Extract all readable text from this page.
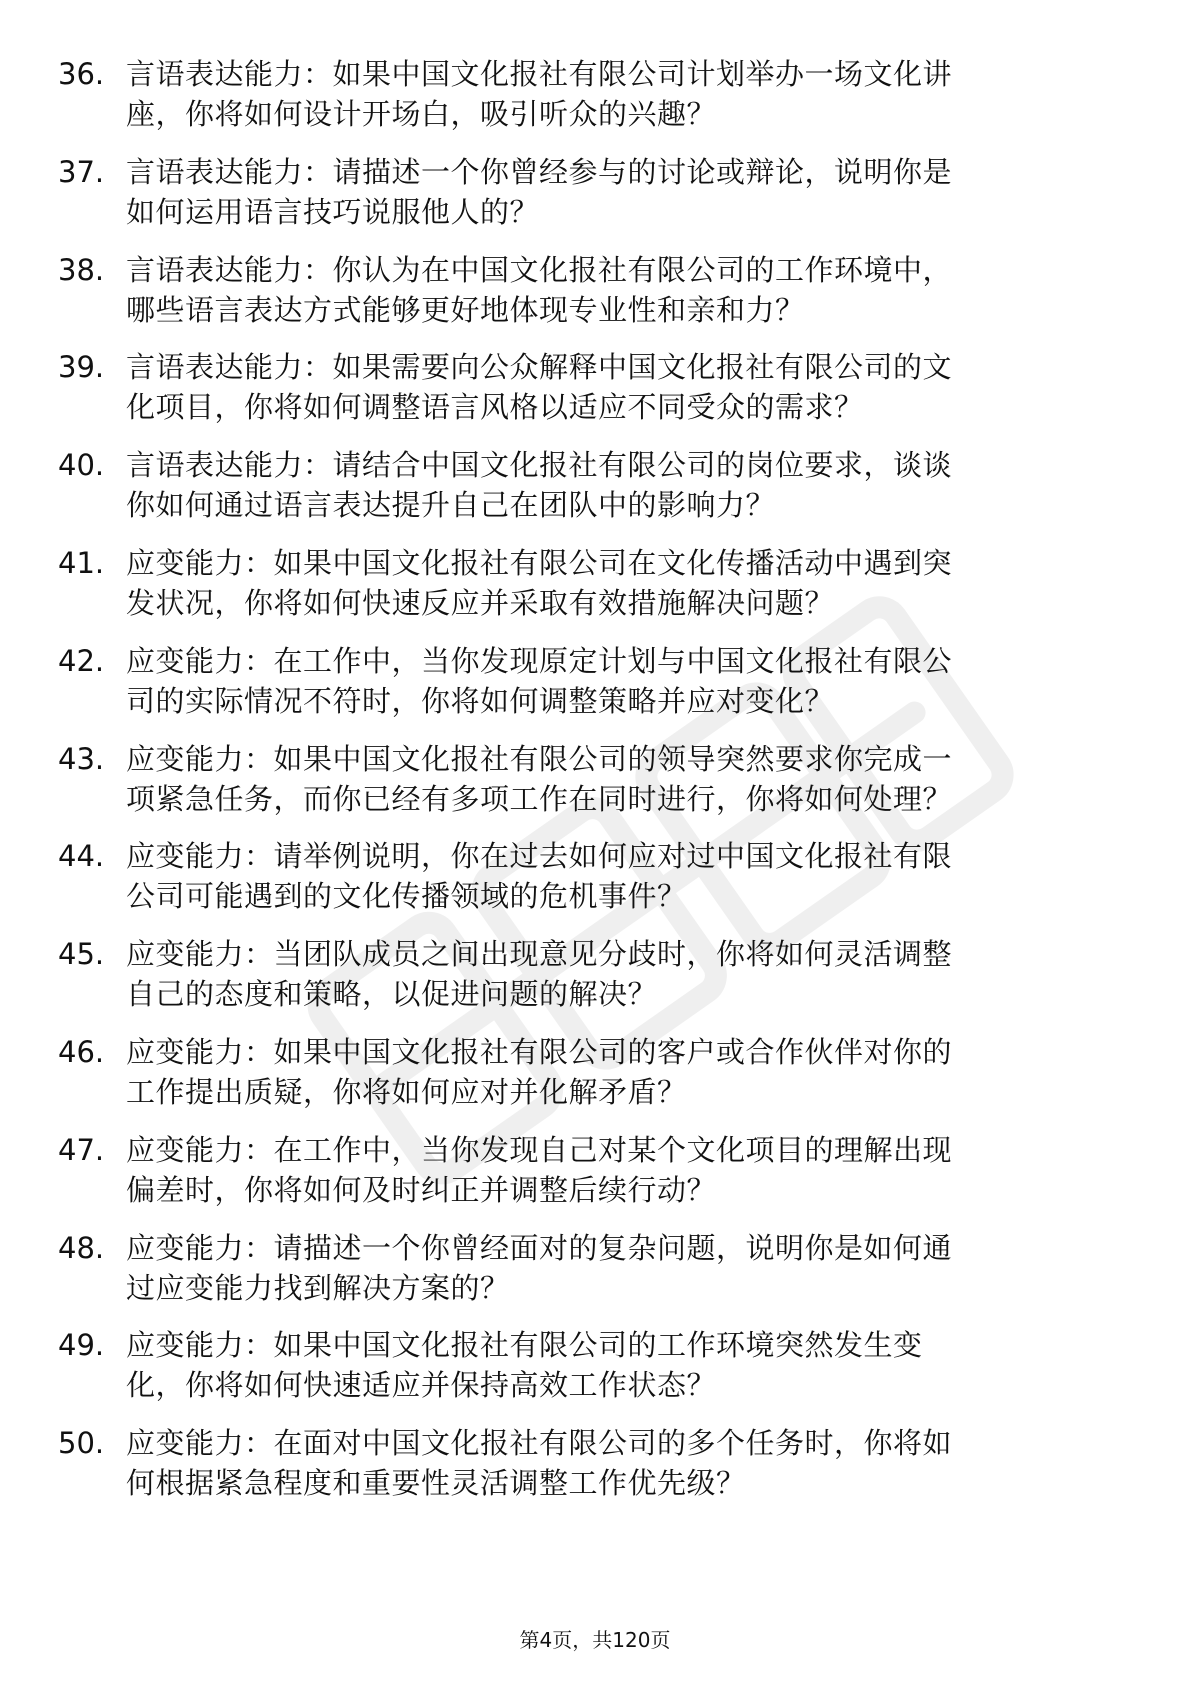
36. 言语表达能力：如果中国文化报社有限公司计划举办一场文化讲
座，你将如何设计开场白，吸引听众的兴趣？
37. 言语表达能力：请描述一个你曾经参与的讨论或辩论，说明你是
如何运用语言技巧说服他人的？
38. 言语表达能力：你认为在中国文化报社有限公司的工作环境中，
哪些语言表达方式能够更好地体现专业性和亲和力？
39. 言语表达能力：如果需要向公众解释中国文化报社有限公司的文
化项目，你将如何调整语言风格以适应不同受众的需求？
40. 言语表达能力：请结合中国文化报社有限公司的岗位要求，谈谈
你如何通过语言表达提升自己在团队中的影响力？
41. 应变能力：如果中国文化报社有限公司在文化传播活动中遇到突
发状况，你将如何快速反应并采取有效措施解决问题？
42. 应变能力：在工作中，当你发现原定计划与中国文化报社有限公
司的实际情况不符时，你将如何调整策略并应对变化？
43. 应变能力：如果中国文化报社有限公司的领导突然要求你完成一
项紧急任务，而你已经有多项工作在同时进行，你将如何处理？
44. 应变能力：请举例说明，你在过去如何应对过中国文化报社有限
公司可能遇到的文化传播领域的危机事件？
45. 应变能力：当团队成员之间出现意见分歧时，你将如何灵活调整
自己的态度和策略，以促进问题的解决？
46. 应变能力：如果中国文化报社有限公司的客户或合作伙伴对你的
工作提出质疑，你将如何应对并化解矛盾？
47. 应变能力：在工作中，当你发现自己对某个文化项目的理解出现
偏差时，你将如何及时纠正并调整后续行动？
48. 应变能力：请描述一个你曾经面对的复杂问题，说明你是如何通
过应变能力找到解决方案的？
49. 应变能力：如果中国文化报社有限公司的工作环境突然发生变
化，你将如何快速适应并保持高效工作状态？
50. 应变能力：在面对中国文化报社有限公司的多个任务时，你将如
何根据紧急程度和重要性灵活调整工作优先级？
第4页，共120页
